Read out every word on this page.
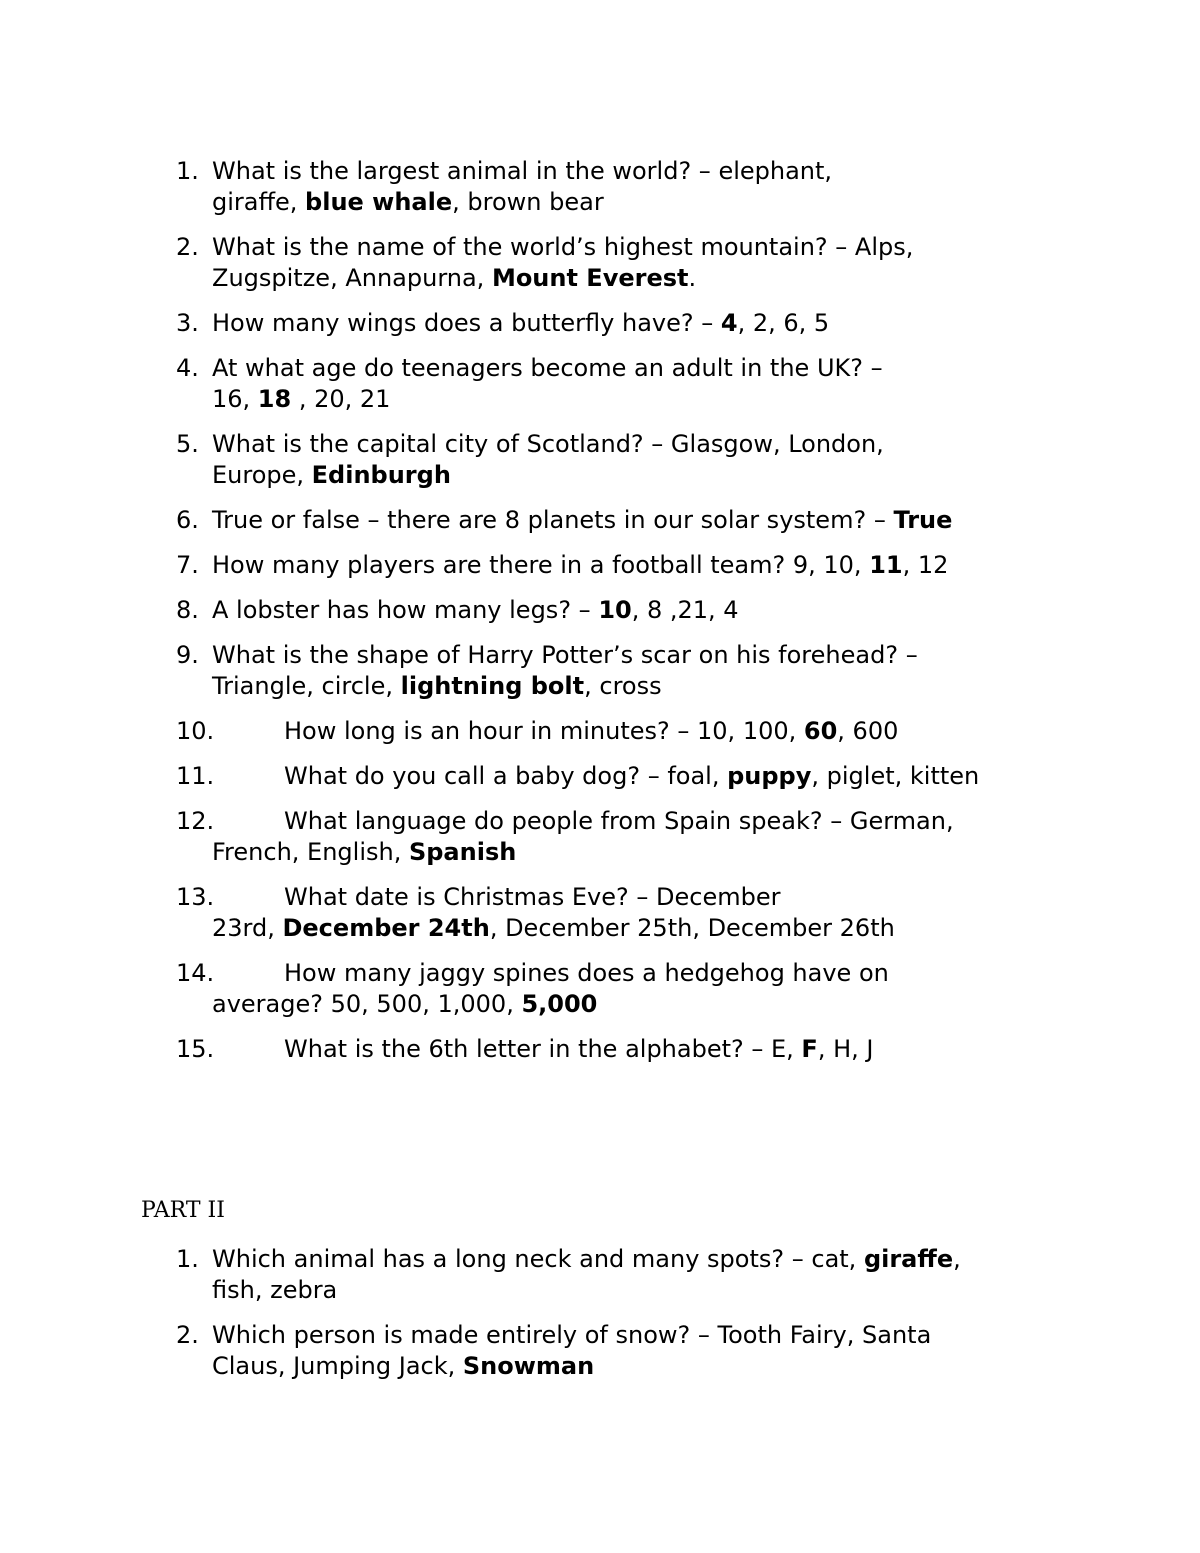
1. What is the largest animal in the world? – elephant,
giraffe, blue whale, brown bear
2. What is the name of the world’s highest mountain? – Alps,
Zugspitze, Annapurna, Mount Everest.
3. How many wings does a butterfly have? – 4, 2, 6, 5
4. At what age do teenagers become an adult in the UK? –
16, 18 , 20, 21
5. What is the capital city of Scotland? – Glasgow, London,
Europe, Edinburgh
6. True or false – there are 8 planets in our solar system? – True
7. How many players are there in a football team? 9, 10, 11, 12
8. A lobster has how many legs? – 10, 8 ,21, 4
9. What is the shape of Harry Potter’s scar on his forehead? –
Triangle, circle, lightning bolt, cross
10.	How long is an hour in minutes? – 10, 100, 60, 600
11.	What do you call a baby dog? – foal, puppy, piglet, kitten
12.	What language do people from Spain speak? – German,
French, English, Spanish
13.	What date is Christmas Eve? – December
23rd, December 24th, December 25th, December 26th
14.	How many jaggy spines does a hedgehog have on
average? 50, 500, 1,000, 5,000
15.	What is the 6th letter in the alphabet? – E, F, H, J
PART II
1. Which animal has a long neck and many spots? – cat, giraffe,
fish, zebra
2. Which person is made entirely of snow? – Tooth Fairy, Santa
Claus, Jumping Jack, Snowman
